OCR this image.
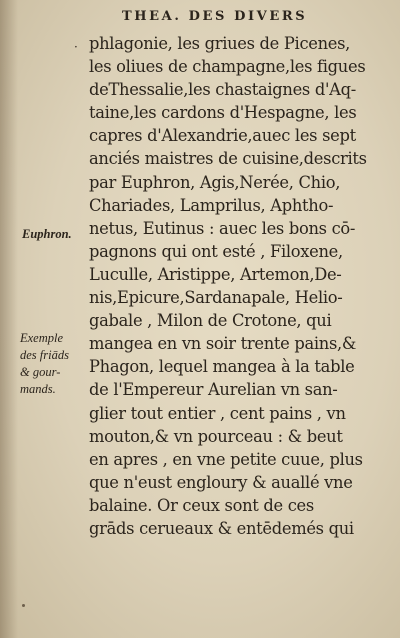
THEA. DES DIVERS
· phlagonie, les griues de Picenes,
les oliues de champagne,les figues
deThessalie,les chastaignes d'Aq-
taine,les cardons d'Hespagne, les
capres d'Alexandrie,auec les sept
anciés maistres de cuisine,descrits
par Euphron, Agis,Nerée, Chio,
Chariades, Lamprilus, Aphtho-
netus, Eutinus : auec les bons cō-
pagnons qui ont esté , Filoxene,
Luculle, Aristippe, Artemon,De-
nis,Epicure,Sardanapale, Helio-
gabale , Milon de Crotone, qui
mangea en vn soir trente pains,&
Phagon, lequel mangea à la table
de l'Empereur Aurelian vn san-
glier tout entier , cent pains , vn
mouton,& vn pourceau : & beut
en apres , en vne petite cuue, plus
que n'eust engloury & auallé vne
balaine. Or ceux sont de ces
grāds cerueaux & entēdemés qui
Euphron.
Exemple
des friāds
& gour-
mands.
